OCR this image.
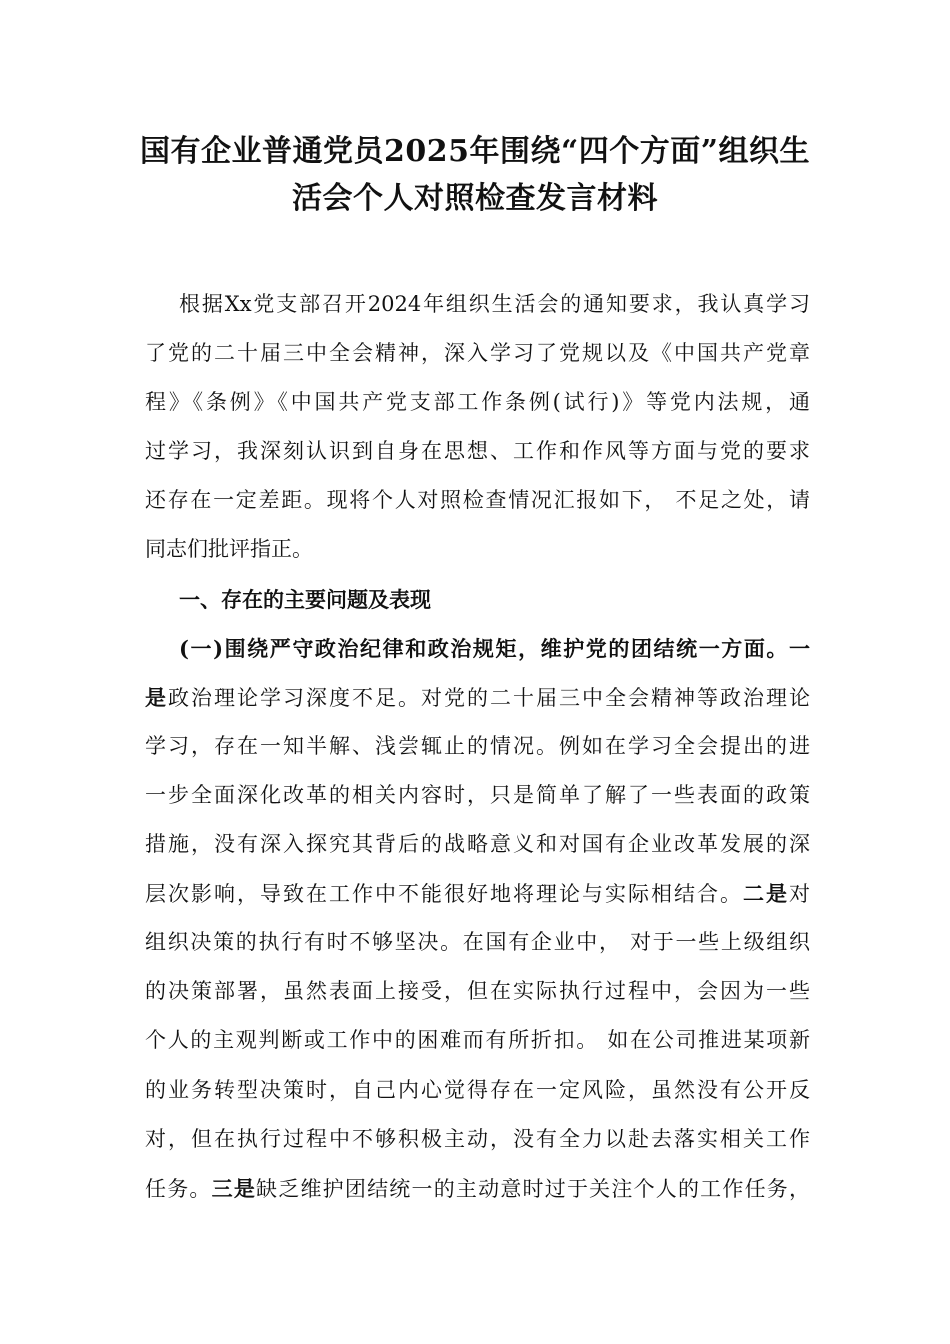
国有企业普通党员2025年围绕“四个方面”组织生
活会个人对照检查发言材料
根据Xx党支部召开2024年组织生活会的通知要求，我认真学习
了党的二十届三中全会精神，深入学习了党规以及《中国共产党章
程》《条例》《中国共产党支部工作条例(试行)》等党内法规，通
过学习，我深刻认识到自身在思想、工作和作风等方面与党的要求
还存在一定差距。现将个人对照检查情况汇报如下， 不足之处，请
同志们批评指正。
一、存在的主要问题及表现
(一)围绕严守政治纪律和政治规矩，维护党的团结统一方面。一
是政治理论学习深度不足。对党的二十届三中全会精神等政治理论
学习，存在一知半解、浅尝辄止的情况。例如在学习全会提出的进
一步全面深化改革的相关内容时，只是简单了解了一些表面的政策
措施，没有深入探究其背后的战略意义和对国有企业改革发展的深
层次影响，导致在工作中不能很好地将理论与实际相结合。二是对
组织决策的执行有时不够坚决。在国有企业中， 对于一些上级组织
的决策部署，虽然表面上接受，但在实际执行过程中，会因为一些
个人的主观判断或工作中的困难而有所折扣。 如在公司推进某项新
的业务转型决策时，自己内心觉得存在一定风险，虽然没有公开反
对，但在执行过程中不够积极主动，没有全力以赴去落实相关工作
任务。三是缺乏维护团结统一的主动意时过于关注个人的工作任务，
